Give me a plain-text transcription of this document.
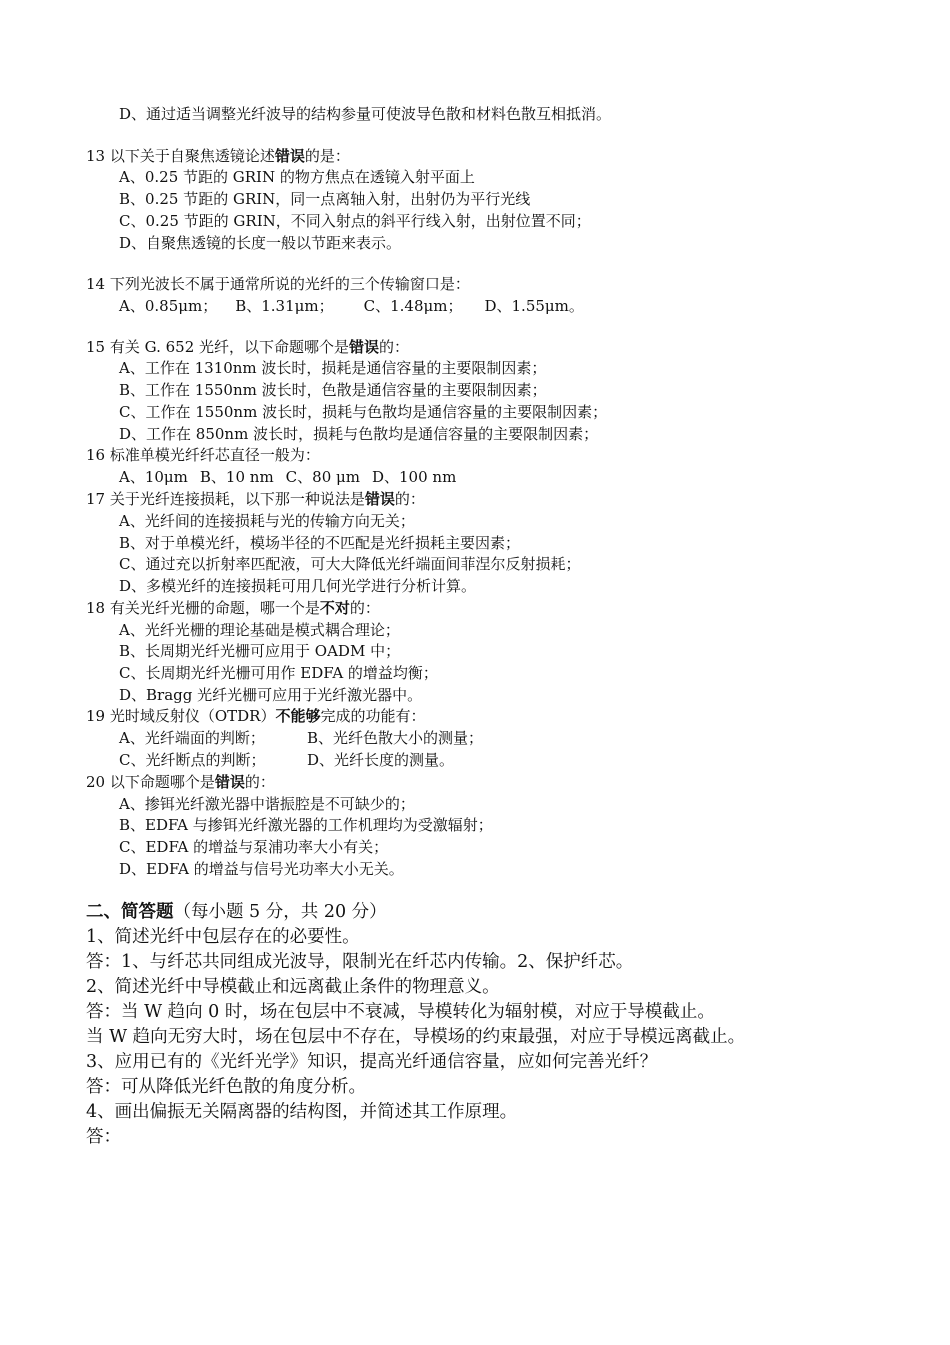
D、通过适当调整光纤波导的结构参量可使波导色散和材料色散互相抵消。
13 以下关于自聚焦透镜论述错误的是：
A、0.25 节距的 GRIN 的物方焦点在透镜入射平面上
B、0.25 节距的 GRIN，同一点离轴入射，出射仍为平行光线
C、0.25 节距的 GRIN，不同入射点的斜平行线入射，出射位置不同；
D、自聚焦透镜的长度一般以节距来表示。
14 下列光波长不属于通常所说的光纤的三个传输窗口是：
A、0.85μm； B、1.31μm； C、1.48μm； D、1.55μm。
15 有关 G. 652 光纤，以下命题哪个是错误的：
A、工作在 1310nm 波长时，损耗是通信容量的主要限制因素；
B、工作在 1550nm 波长时，色散是通信容量的主要限制因素；
C、工作在 1550nm 波长时，损耗与色散均是通信容量的主要限制因素；
D、工作在 850nm 波长时，损耗与色散均是通信容量的主要限制因素；
16 标准单模光纤纤芯直径一般为：
A、10μm B、10 nm C、80 μm D、100 nm
17 关于光纤连接损耗，以下那一种说法是错误的：
A、光纤间的连接损耗与光的传输方向无关；
B、对于单模光纤，模场半径的不匹配是光纤损耗主要因素；
C、通过充以折射率匹配液，可大大降低光纤端面间菲涅尔反射损耗；
D、多模光纤的连接损耗可用几何光学进行分析计算。
18 有关光纤光栅的命题，哪一个是不对的：
A、光纤光栅的理论基础是模式耦合理论；
B、长周期光纤光栅可应用于 OADM 中；
C、长周期光纤光栅可用作 EDFA 的增益均衡；
D、Bragg 光纤光栅可应用于光纤激光器中。
19 光时域反射仪（OTDR）不能够完成的功能有：
A、光纤端面的判断；	B、光纤色散大小的测量；
C、光纤断点的判断；	D、光纤长度的测量。
20 以下命题哪个是错误的：
A、掺铒光纤激光器中谐振腔是不可缺少的；
B、EDFA 与掺铒光纤激光器的工作机理均为受激辐射；
C、EDFA 的增益与泵浦功率大小有关；
D、EDFA 的增益与信号光功率大小无关。
二、简答题（每小题 5 分，共 20 分）
1、简述光纤中包层存在的必要性。
答：1、与纤芯共同组成光波导，限制光在纤芯内传输。2、保护纤芯。
2、简述光纤中导模截止和远离截止条件的物理意义。
答：当 W 趋向 0 时，场在包层中不衰减，导模转化为辐射模，对应于导模截止。
当 W 趋向无穷大时，场在包层中不存在，导模场的约束最强，对应于导模远离截止。
3、应用已有的《光纤光学》知识，提高光纤通信容量，应如何完善光纤？
答：可从降低光纤色散的角度分析。
4、画出偏振无关隔离器的结构图，并简述其工作原理。
答：
